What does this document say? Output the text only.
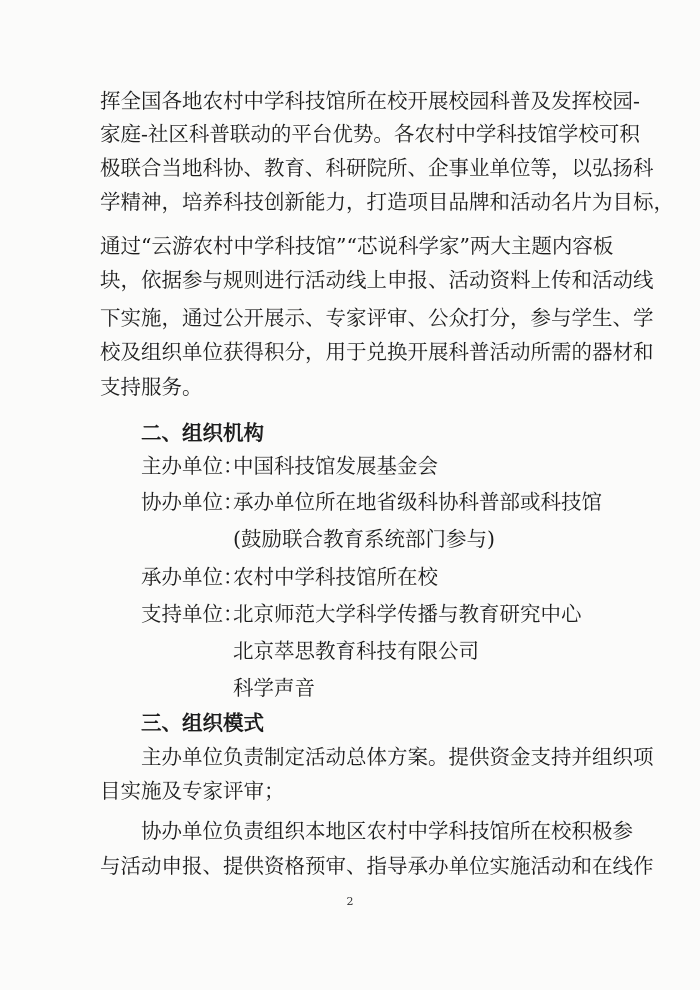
挥全国各地农村中学科技馆所在校开展校园科普及发挥校园-
家庭-社区科普联动的平台优势。各农村中学科技馆学校可积
极联合当地科协、教育、科研院所、企事业单位等，以弘扬科
学精神，培养科技创新能力，打造项目品牌和活动名片为目标，
通过“云游农村中学科技馆”“芯说科学家”两大主题内容板
块，依据参与规则进行活动线上申报、活动资料上传和活动线
下实施，通过公开展示、专家评审、公众打分，参与学生、学
校及组织单位获得积分，用于兑换开展科普活动所需的器材和
支持服务。
二、组织机构
主办单位：
中国科技馆发展基金会
协办单位：
承办单位所在地省级科协科普部或科技馆
(鼓励联合教育系统部门参与)
承办单位：
农村中学科技馆所在校
支持单位：
北京师范大学科学传播与教育研究中心
北京萃思教育科技有限公司
科学声音
三、组织模式
主办单位负责制定活动总体方案。提供资金支持并组织项
目实施及专家评审；
协办单位负责组织本地区农村中学科技馆所在校积极参
与活动申报、提供资格预审、指导承办单位实施活动和在线作
2
